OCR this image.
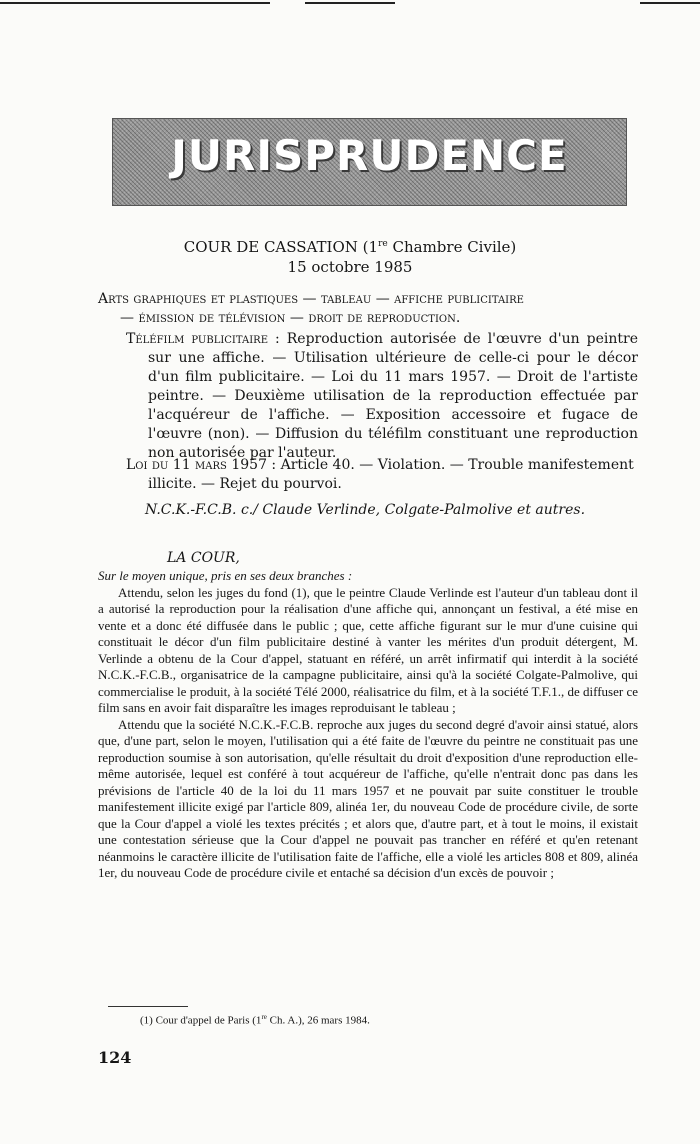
JURISPRUDENCE
COUR DE CASSATION (1re Chambre Civile)
15 octobre 1985
Arts graphiques et plastiques — tableau — affiche publicitaire
— émission de télévision — droit de reproduction.
Téléfilm publicitaire : Reproduction autorisée de l'œuvre d'un peintre sur une affiche. — Utilisation ultérieure de celle-ci pour le décor d'un film publicitaire. — Loi du 11 mars 1957. — Droit de l'artiste peintre. — Deuxième utilisation de la reproduction effectuée par l'acquéreur de l'affiche. — Exposition accessoire et fugace de l'œuvre (non). — Diffusion du téléfilm constituant une reproduction non autorisée par l'auteur.
Loi du 11 mars 1957 : Article 40. — Violation. — Trouble manifestement illicite. — Rejet du pourvoi.
N.C.K.-F.C.B. c./ Claude Verlinde, Colgate-Palmolive et autres.
LA COUR,

Sur le moyen unique, pris en ses deux branches :

Attendu, selon les juges du fond (1), que le peintre Claude Verlinde est l'auteur d'un tableau dont il a autorisé la reproduction pour la réalisation d'une affiche qui, annonçant un festival, a été mise en vente et a donc été diffusée dans le public ; que, cette affiche figurant sur le mur d'une cuisine qui constituait le décor d'un film publicitaire destiné à vanter les mérites d'un produit détergent, M. Verlinde a obtenu de la Cour d'appel, statuant en référé, un arrêt infirmatif qui interdit à la société N.C.K.-F.C.B., organisatrice de la campagne publicitaire, ainsi qu'à la société Colgate-Palmolive, qui commercialise le produit, à la société Télé 2000, réalisatrice du film, et à la société T.F.1., de diffuser ce film sans en avoir fait disparaître les images reproduisant le tableau ;

Attendu que la société N.C.K.-F.C.B. reproche aux juges du second degré d'avoir ainsi statué, alors que, d'une part, selon le moyen, l'utilisation qui a été faite de l'œuvre du peintre ne constituait pas une reproduction soumise à son autorisation, qu'elle résultait du droit d'exposition d'une reproduction elle-même autorisée, lequel est conféré à tout acquéreur de l'affiche, qu'elle n'entrait donc pas dans les prévisions de l'article 40 de la loi du 11 mars 1957 et ne pouvait par suite constituer le trouble manifestement illicite exigé par l'article 809, alinéa 1er, du nouveau Code de procédure civile, de sorte que la Cour d'appel a violé les textes précités ; et alors que, d'autre part, et à tout le moins, il existait une contestation sérieuse que la Cour d'appel ne pouvait pas trancher en référé et qu'en retenant néanmoins le caractère illicite de l'utilisation faite de l'affiche, elle a violé les articles 808 et 809, alinéa 1er, du nouveau Code de procédure civile et entaché sa décision d'un excès de pouvoir ;

(1) Cour d'appel de Paris (1re Ch. A.), 26 mars 1984.
124
